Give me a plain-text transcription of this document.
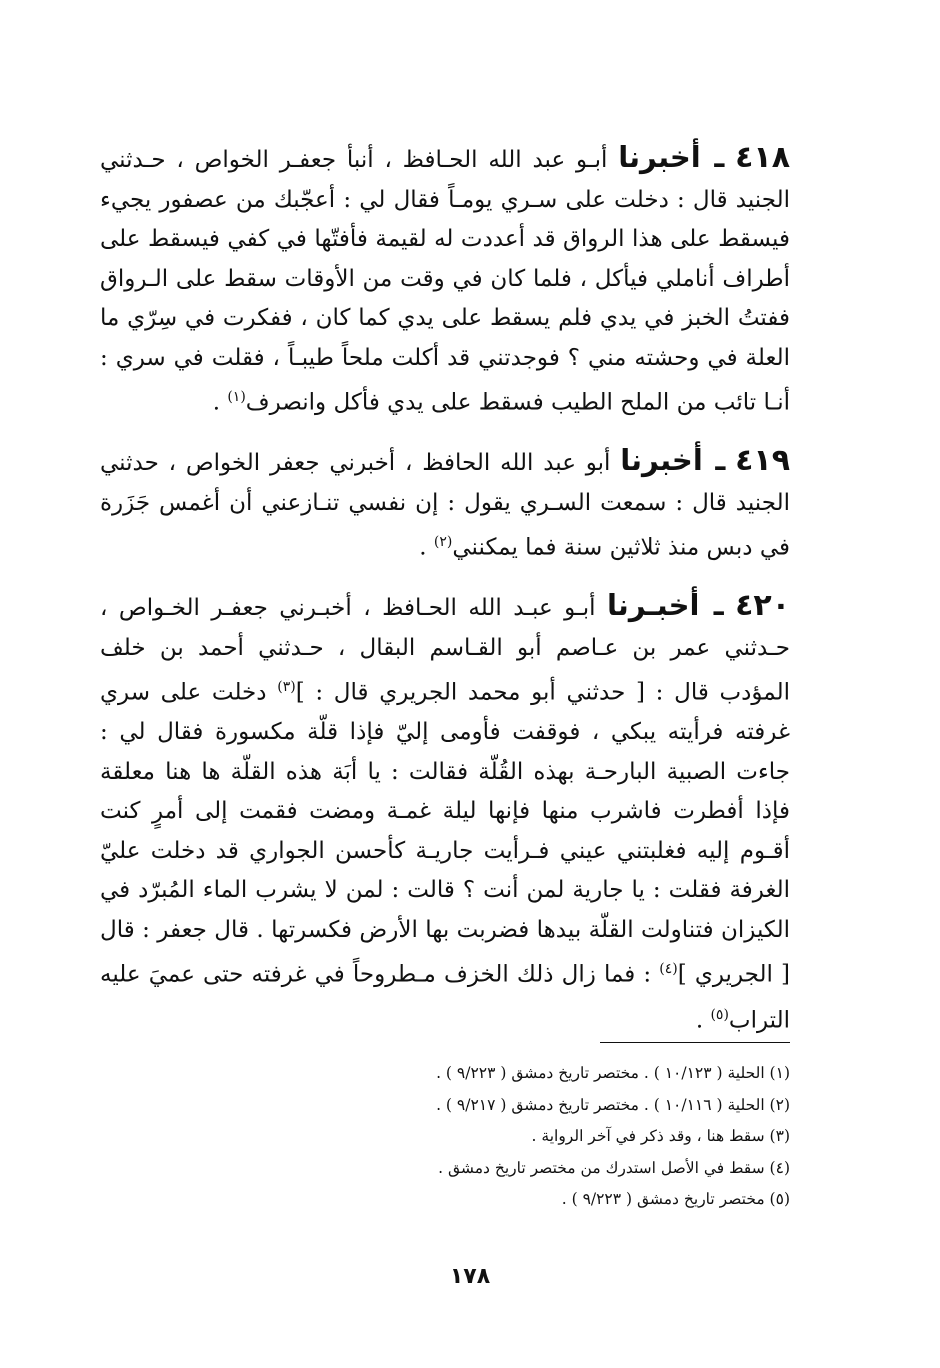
٤١٨ ـ أخبرنا أبـو عبد الله الحـافظ ، أنبأ جعفـر الخواص ، حـدثني الجنيد قال : دخلت على سـري يومـاً فقال لي : أعجّبك من عصفور يجيء فيسقط على هذا الرواق قد أعددت له لقيمة فأفتّها في كفي فيسقط على أطراف أناملي فيأكل ، فلما كان في وقت من الأوقات سقط على الـرواق ففتتُ الخبز في يدي فلم يسقط على يدي كما كان ، ففكرت في سِرّي ما العلة في وحشته مني ؟ فوجدتني قد أكلت ملحاً طيبـاً ، فقلت في سري : أنـا تائب من الملح الطيب فسقط على يدي فأكل وانصرف$^{(١)}$ .

٤١٩ ـ أخبرنا أبو عبد الله الحافظ ، أخبرني جعفر الخواص ، حدثني الجنيد قال : سمعت السـري يقول : إن نفسي تنـازعني أن أغمس جَزَرة في دبس منذ ثلاثين سنة فما يمكنني$^{(٢)}$ .

٤٢٠ ـ أخبـرنا أبـو عبـد الله الحـافظ ، أخبـرني جعفـر الخـواص ، حـدثني عمر بن عـاصم أبو القـاسم البقال ، حـدثني أحمد بن خلف المؤدب قال : [ حدثني أبو محمد الجريري قال : ]$^{(٣)}$ دخلت على سري غرفته فرأيته يبكي ، فوقفت فأومى إليّ فإذا قلّة مكسورة فقال لي : جاءت الصبية البارحـة بهذه القُلّة فقالت : يا أبَة هذه القلّة ها هنا معلقة فإذا أفطرت فاشرب منها فإنها ليلة غمـة ومضت فقمت إلى أمرٍ كنت أقـوم إليه فغلبتني عيني فـرأيت جاريـة كأحسن الجواري قد دخلت عليّ الغرفة فقلت : يا جارية لمن أنت ؟ قالت : لمن لا يشرب الماء المُبرّد في الكيزان فتناولت القلّة بيدها فضربت بها الأرض فكسرتها . قال جعفر : قال [ الجريري ]$^{(٤)}$ : فما زال ذلك الخزف مـطروحاً في غرفته حتى عميَ عليه التراب$^{(٥)}$ .

(١) الحلية ( ١٠/١٢٣ ) . مختصر تاريخ دمشق ( ٩/٢٢٣ ) .
(٢) الحلية ( ١٠/١١٦ ) . مختصر تاريخ دمشق ( ٩/٢١٧ ) .
(٣) سقط هنا ، وقد ذكر في آخر الرواية .
(٤) سقط في الأصل استدرك من مختصر تاريخ دمشق .
(٥) مختصر تاريخ دمشق ( ٩/٢٢٣ ) .
١٧٨
